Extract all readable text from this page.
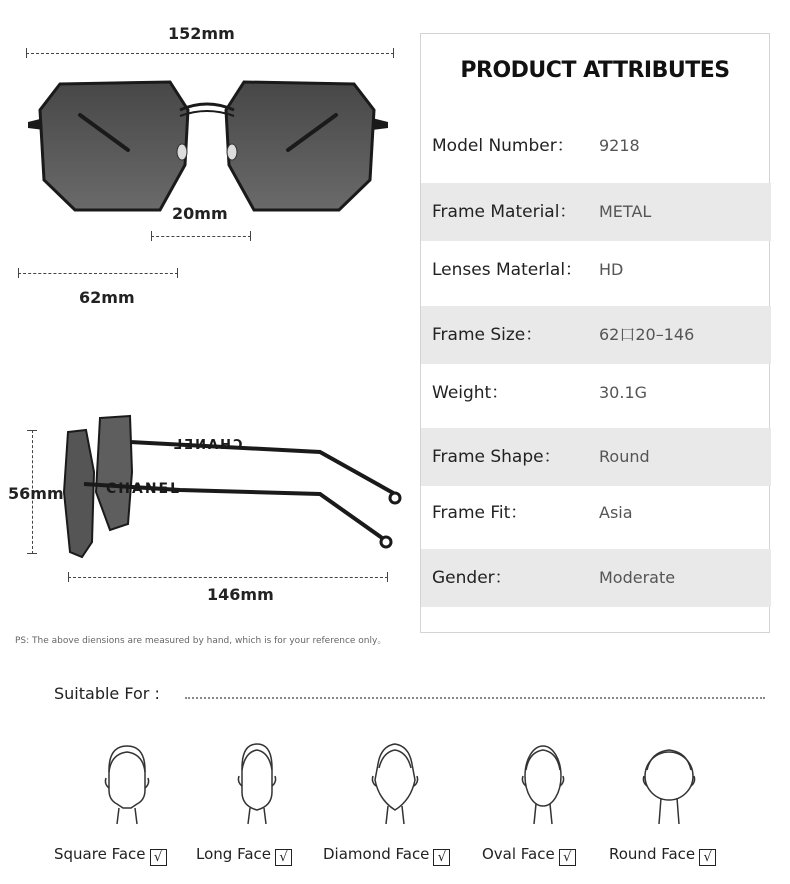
152mm
20mm
62mm
56mm
CHANEL
CHANEL
146mm
PS: The above diensions are measured by hand, which is for your reference only。
PRODUCT ATTRIBUTES
Model Number： 9218
Frame Material： METAL
Lenses Materlal： HD
Frame Size：	62口20–146
Weight：	30.1G
Frame Shape： Round
Frame Fit：	Asia
Gender：	Moderate
Suitable For :
Square Face √ Long Face √ Diamond Face √ Oval Face √	Round Face √
